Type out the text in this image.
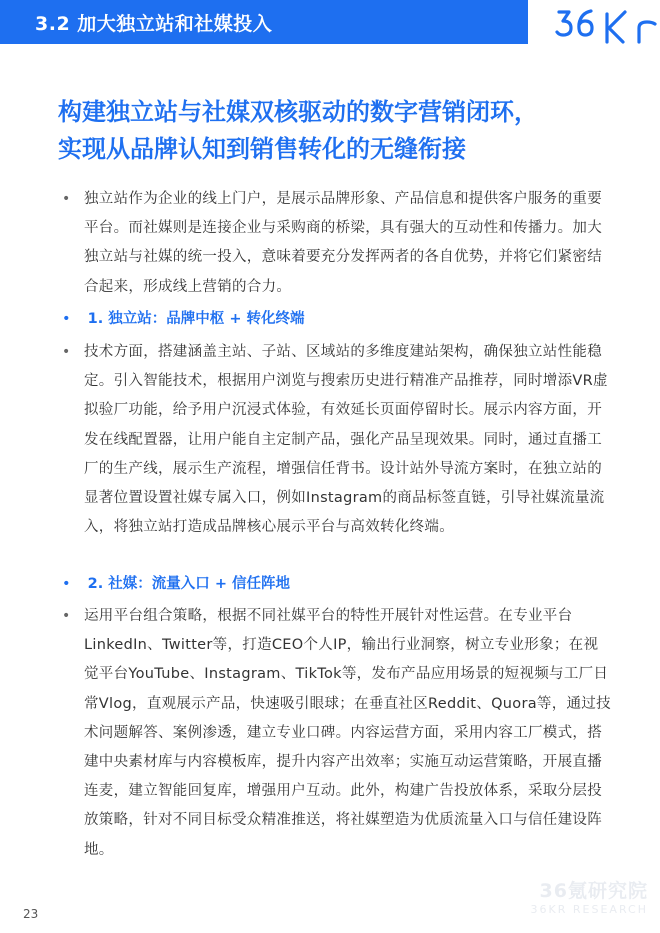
3.2 加大独立站和社媒投入
构建独立站与社媒双核驱动的数字营销闭环，
实现从品牌认知到销售转化的无缝衔接
• 独立站作为企业的线上门户，是展示品牌形象、产品信息和提供客户服务的重要平台。而社媒则是连接企业与采购商的桥梁，具有强大的互动性和传播力。加大独立站与社媒的统一投入，意味着要充分发挥两者的各自优势，并将它们紧密结合起来，形成线上营销的合力。
• 1. 独立站：品牌中枢 + 转化终端
• 技术方面，搭建涵盖主站、子站、区域站的多维度建站架构，确保独立站性能稳定。引入智能技术，根据用户浏览与搜索历史进行精准产品推荐，同时增添VR虚拟验厂功能，给予用户沉浸式体验，有效延长页面停留时长。展示内容方面，开发在线配置器，让用户能自主定制产品，强化产品呈现效果。同时，通过直播工厂的生产线，展示生产流程，增强信任背书。设计站外导流方案时，在独立站的显著位置设置社媒专属入口，例如Instagram的商品标签直链，引导社媒流量流入，将独立站打造成品牌核心展示平台与高效转化终端。
• 2. 社媒：流量入口 + 信任阵地
• 运用平台组合策略，根据不同社媒平台的特性开展针对性运营。在专业平台LinkedIn、Twitter等，打造CEO个人IP，输出行业洞察，树立专业形象；在视觉平台YouTube、Instagram、TikTok等，发布产品应用场景的短视频与工厂日常Vlog，直观展示产品，快速吸引眼球；在垂直社区Reddit、Quora等，通过技术问题解答、案例渗透，建立专业口碑。内容运营方面，采用内容工厂模式，搭建中央素材库与内容模板库，提升内容产出效率；实施互动运营策略，开展直播连麦，建立智能回复库，增强用户互动。此外，构建广告投放体系，采取分层投放策略，针对不同目标受众精准推送，将社媒塑造为优质流量入口与信任建设阵地。
23
36氪研究院
36KR RESEARCH
